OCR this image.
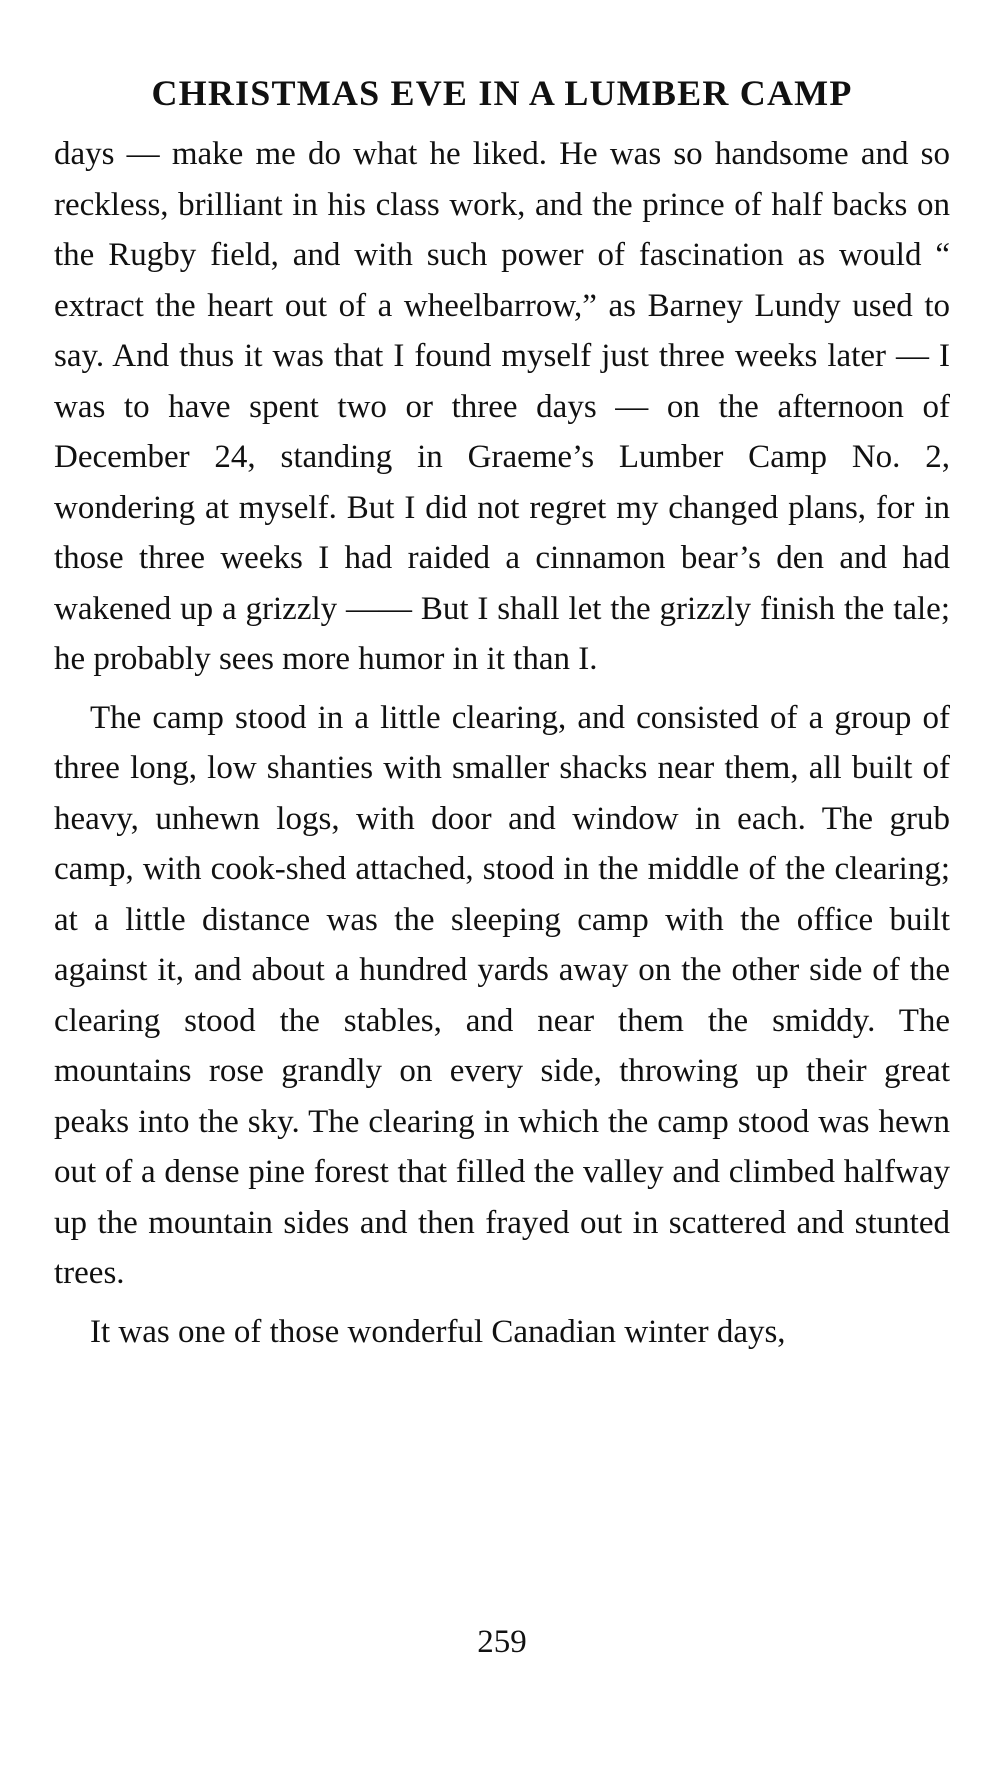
CHRISTMAS EVE IN A LUMBER CAMP

days — make me do what he liked. He was so handsome and so reckless, brilliant in his class work, and the prince of half backs on the Rugby field, and with such power of fascination as would “ extract the heart out of a wheelbarrow,” as Barney Lundy used to say. And thus it was that I found myself just three weeks later — I was to have spent two or three days — on the afternoon of December 24, standing in Graeme’s Lumber Camp No. 2, wondering at myself. But I did not regret my changed plans, for in those three weeks I had raided a cinnamon bear’s den and had wakened up a grizzly —— But I shall let the grizzly finish the tale; he probably sees more humor in it than I.

The camp stood in a little clearing, and consisted of a group of three long, low shanties with smaller shacks near them, all built of heavy, unhewn logs, with door and window in each. The grub camp, with cook-shed attached, stood in the middle of the clearing; at a little distance was the sleeping camp with the office built against it, and about a hundred yards away on the other side of the clearing stood the stables, and near them the smiddy. The mountains rose grandly on every side, throwing up their great peaks into the sky. The clearing in which the camp stood was hewn out of a dense pine forest that filled the valley and climbed halfway up the mountain sides and then frayed out in scattered and stunted trees.

It was one of those wonderful Canadian winter days,

259
